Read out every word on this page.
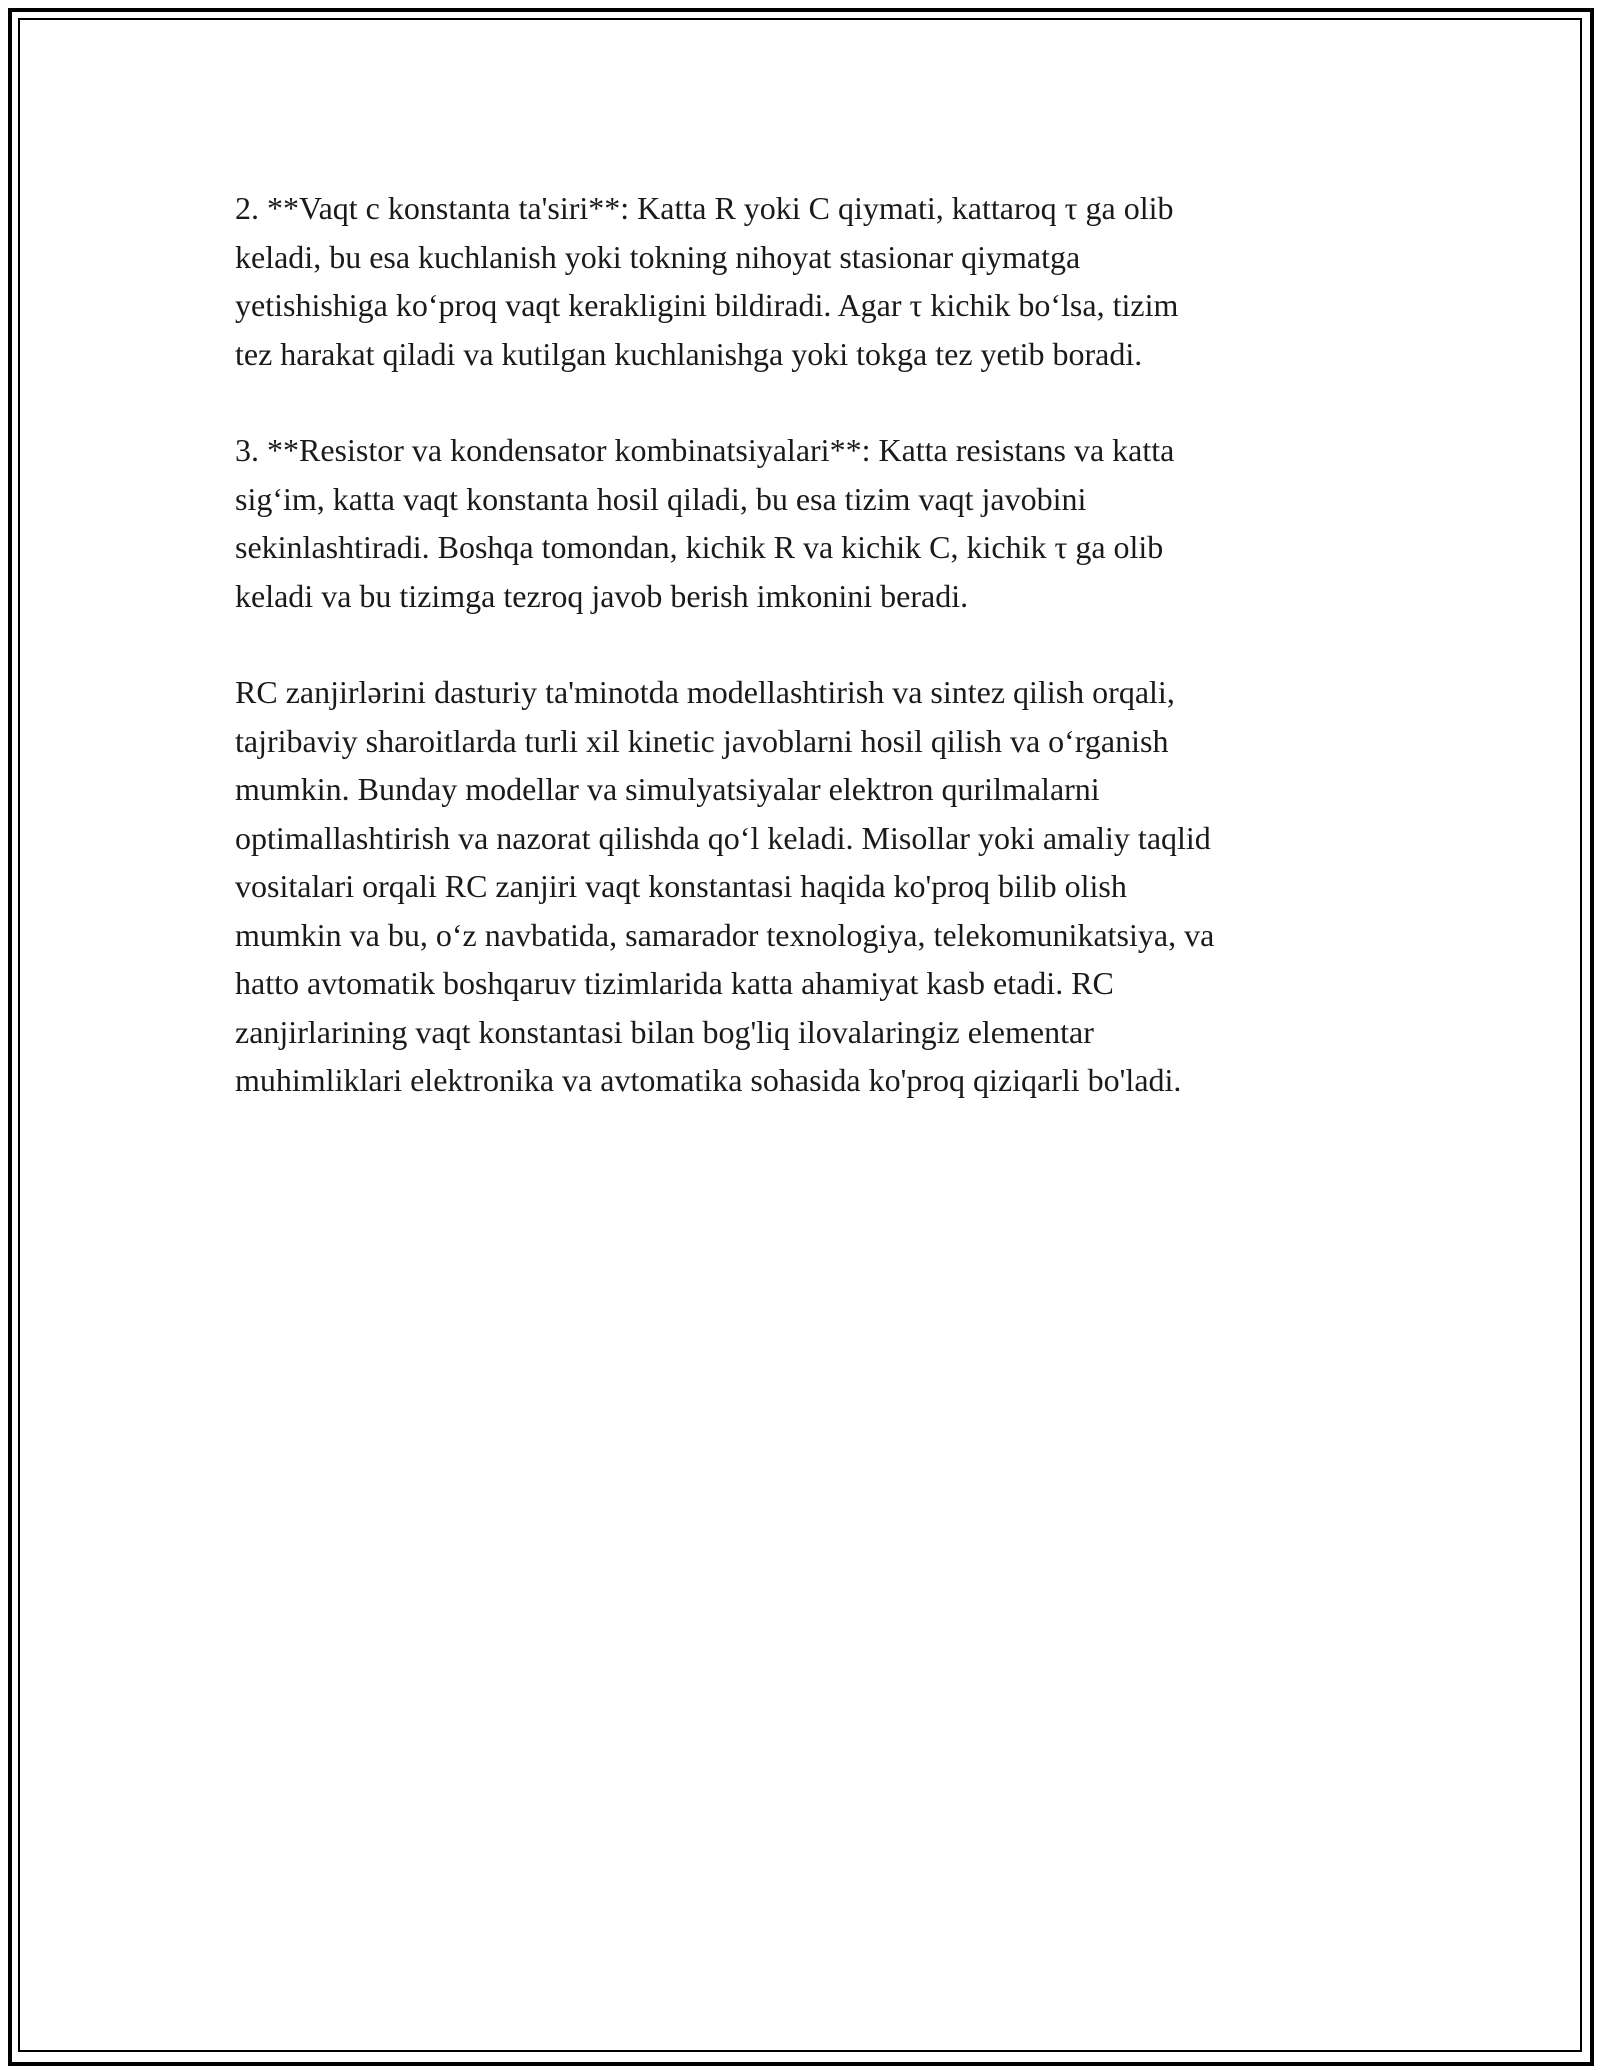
2. **Vaqt c konstanta ta'siri**: Katta R yoki C qiymati, kattaroq τ ga olib
keladi, bu esa kuchlanish yoki tokning nihoyat stasionar qiymatga
yetishishiga ko‘proq vaqt kerakligini bildiradi. Agar τ kichik bo‘lsa, tizim
tez harakat qiladi va kutilgan kuchlanishga yoki tokga tez yetib boradi.

3. **Resistor va kondensator kombinatsiyalari**: Katta resistans va katta
sig‘im, katta vaqt konstanta hosil qiladi, bu esa tizim vaqt javobini
sekinlashtiradi. Boshqa tomondan, kichik R va kichik C, kichik τ ga olib
keladi va bu tizimga tezroq javob berish imkonini beradi.

RC zanjirlərini dasturiy ta'minotda modellashtirish va sintez qilish orqali,
tajribaviy sharoitlarda turli xil kinetic javoblarni hosil qilish va o‘rganish
mumkin. Bunday modellar va simulyatsiyalar elektron qurilmalarni
optimallashtirish va nazorat qilishda qo‘l keladi. Misollar yoki amaliy taqlid
vositalari orqali RC zanjiri vaqt konstantasi haqida ko'proq bilib olish
mumkin va bu, o‘z navbatida, samarador texnologiya, telekomunikatsiya, va
hatto avtomatik boshqaruv tizimlarida katta ahamiyat kasb etadi. RC
zanjirlarining vaqt konstantasi bilan bog'liq ilovalaringiz elementar
muhimliklari elektronika va avtomatika sohasida ko'proq qiziqarli bo'ladi.
